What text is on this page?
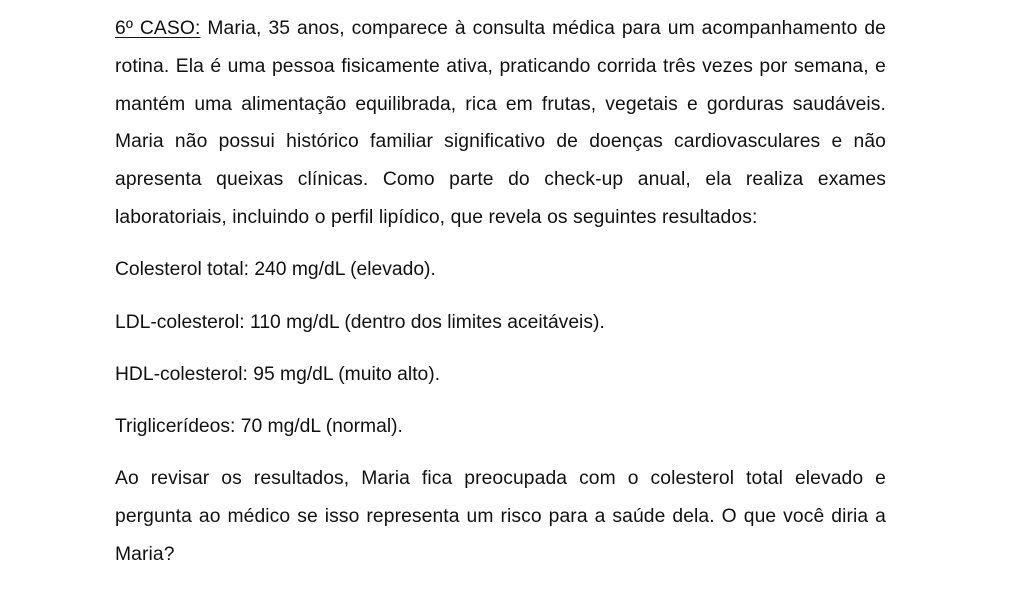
6º CASO: Maria, 35 anos, comparece à consulta médica para um acompanhamento de rotina. Ela é uma pessoa fisicamente ativa, praticando corrida três vezes por semana, e mantém uma alimentação equilibrada, rica em frutas, vegetais e gorduras saudáveis. Maria não possui histórico familiar significativo de doenças cardiovasculares e não apresenta queixas clínicas. Como parte do check-up anual, ela realiza exames laboratoriais, incluindo o perfil lipídico, que revela os seguintes resultados:

Colesterol total: 240 mg/dL (elevado).

LDL-colesterol: 110 mg/dL (dentro dos limites aceitáveis).

HDL-colesterol: 95 mg/dL (muito alto).

Triglicerídeos: 70 mg/dL (normal).

Ao revisar os resultados, Maria fica preocupada com o colesterol total elevado e pergunta ao médico se isso representa um risco para a saúde dela. O que você diria a Maria?
